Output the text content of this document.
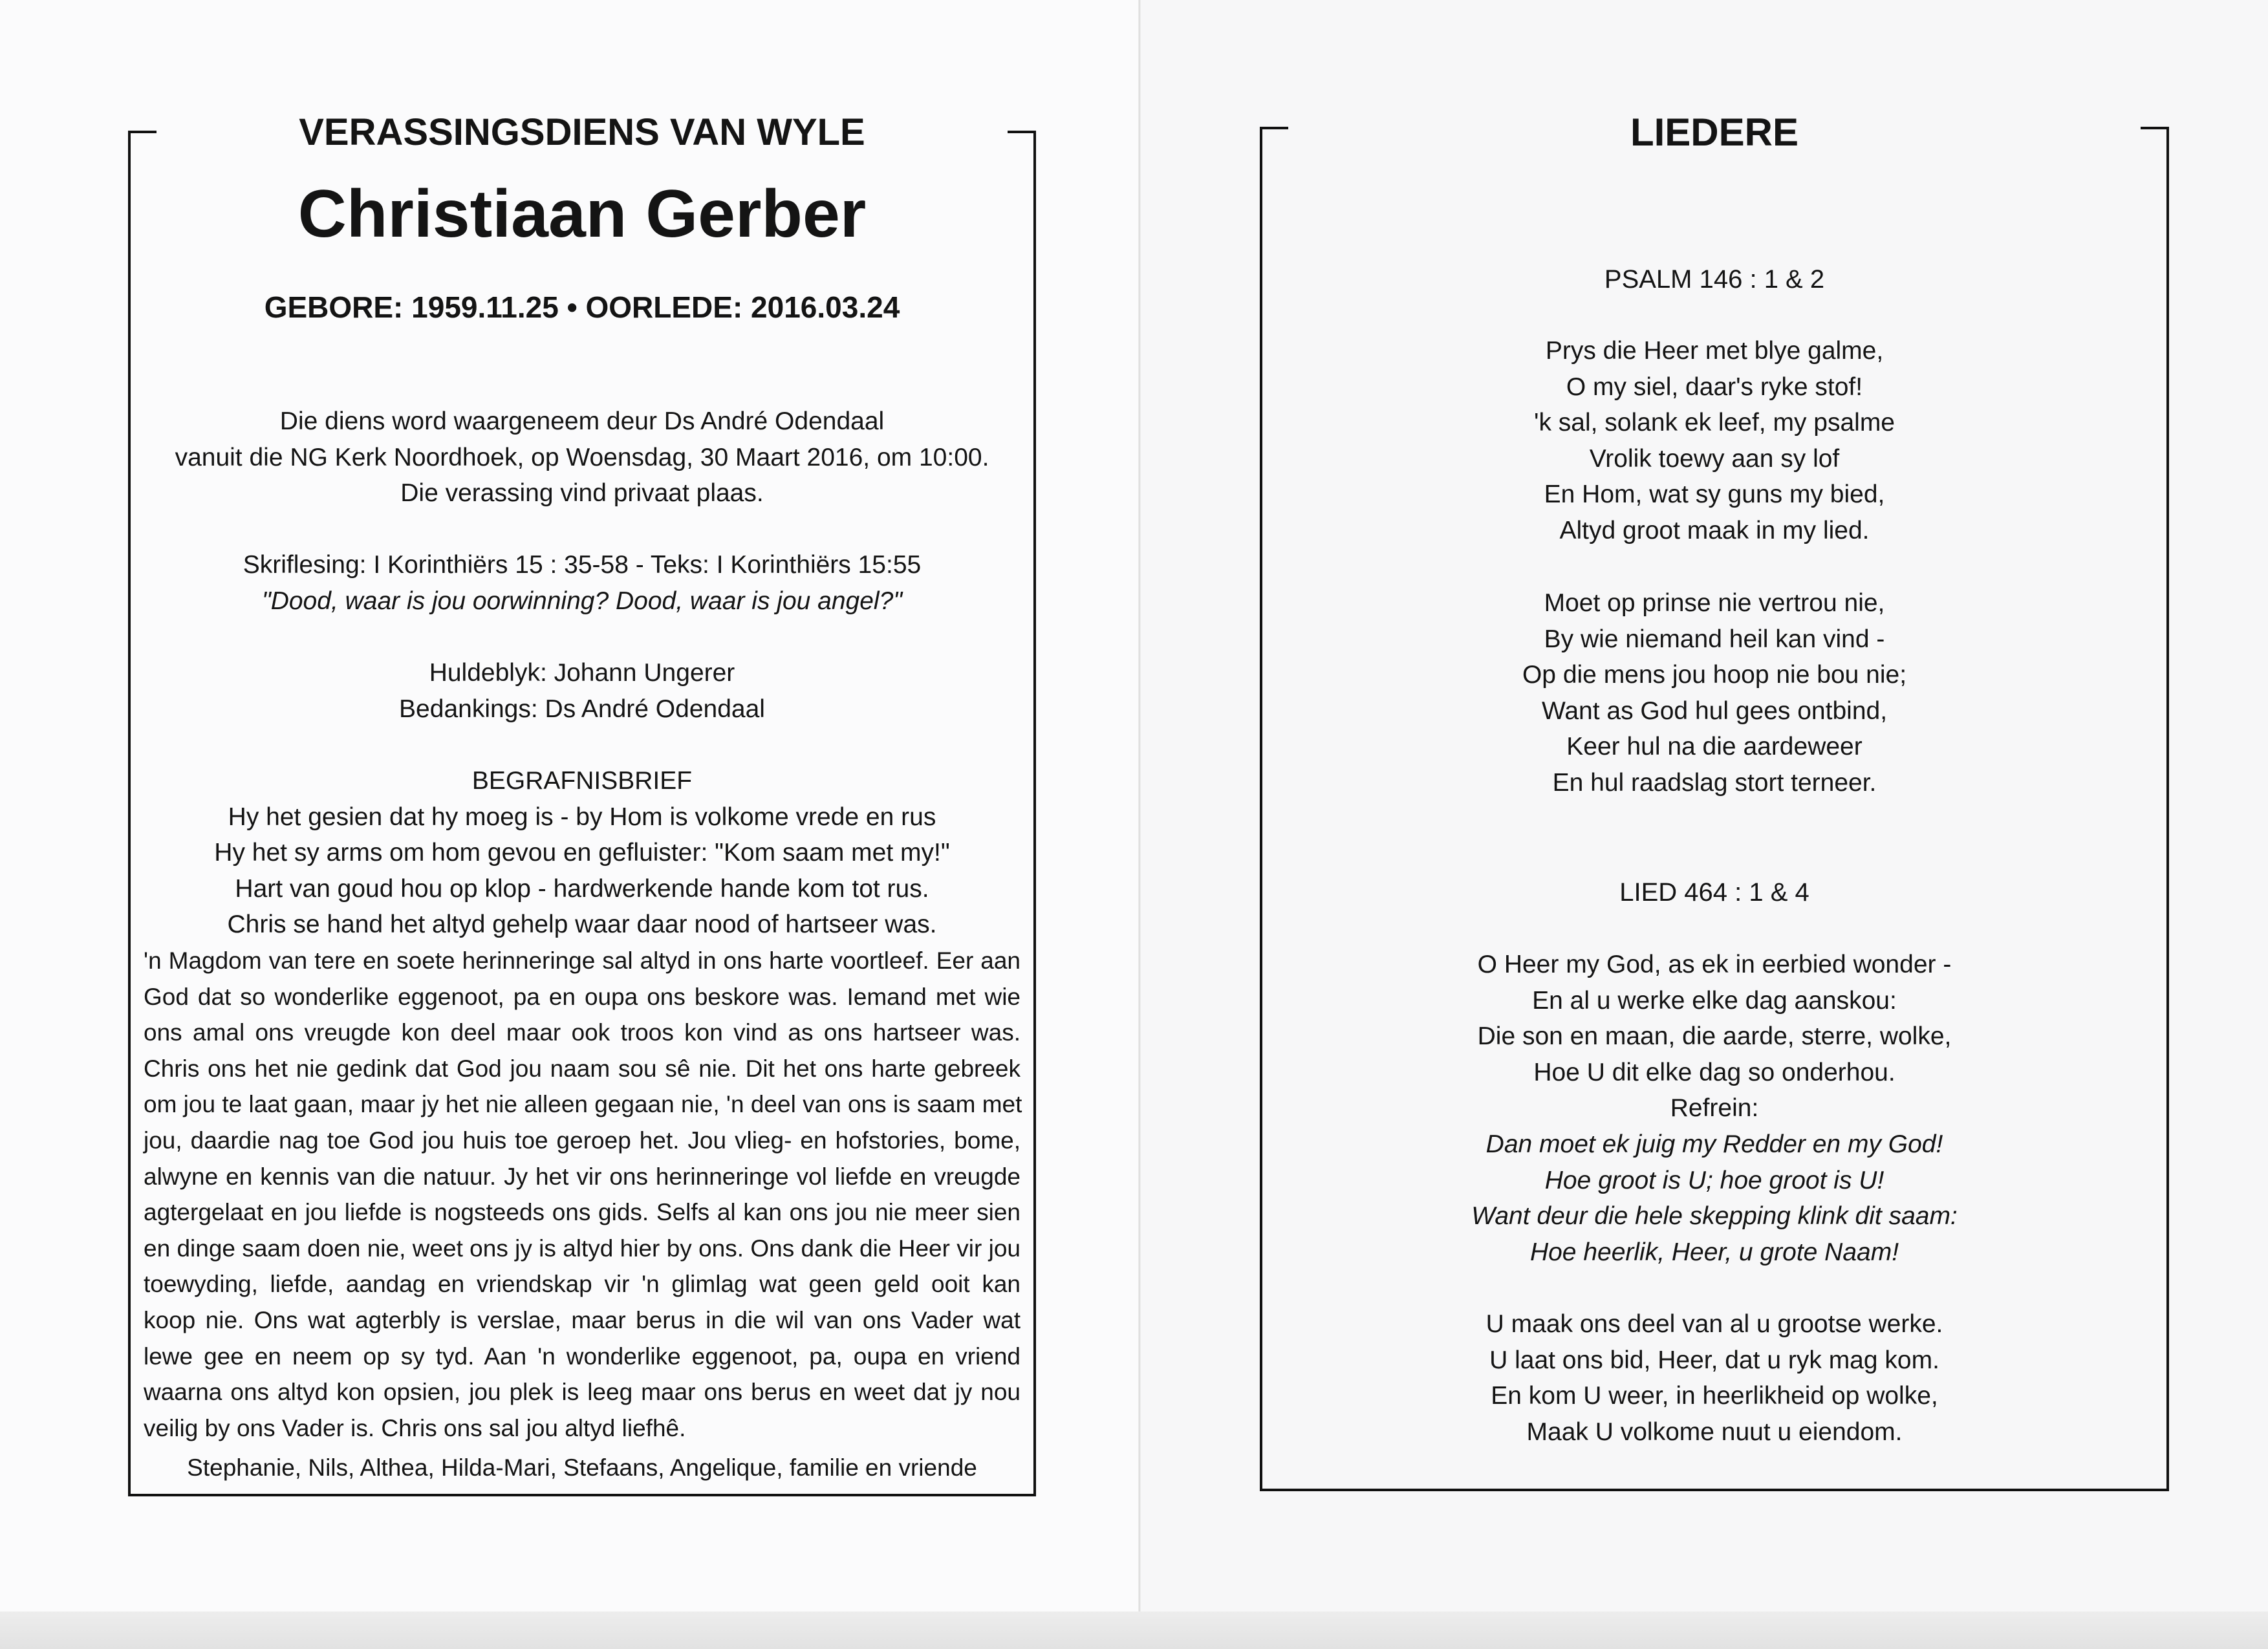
VERASSINGSDIENS VAN WYLE
Christiaan Gerber
GEBORE: 1959.11.25 • OORLEDE: 2016.03.24
Die diens word waargeneem deur Ds André Odendaal
vanuit die NG Kerk Noordhoek, op Woensdag, 30 Maart 2016, om 10:00.
Die verassing vind privaat plaas.
Skriflesing: I Korinthiërs 15 : 35-58 - Teks: I Korinthiërs 15:55
"Dood, waar is jou oorwinning? Dood, waar is jou angel?"
Huldeblyk: Johann Ungerer
Bedankings: Ds André Odendaal
BEGRAFNISBRIEF
Hy het gesien dat hy moeg is - by Hom is volkome vrede en rus
Hy het sy arms om hom gevou en gefluister: "Kom saam met my!"
Hart van goud hou op klop - hardwerkende hande kom tot rus.
Chris se hand het altyd gehelp waar daar nood of hartseer was.
'n Magdom van tere en soete herinneringe sal altyd in ons harte voortleef. Eer aan
God dat so wonderlike eggenoot, pa en oupa ons beskore was. Iemand met wie
ons amal ons vreugde kon deel maar ook troos kon vind as ons hartseer was.
Chris ons het nie gedink dat God jou naam sou sê nie. Dit het ons harte gebreek
om jou te laat gaan, maar jy het nie alleen gegaan nie, 'n deel van ons is saam met
jou, daardie nag toe God jou huis toe geroep het. Jou vlieg- en hofstories, bome,
alwyne en kennis van die natuur. Jy het vir ons herinneringe vol liefde en vreugde
agtergelaat en jou liefde is nogsteeds ons gids. Selfs al kan ons jou nie meer sien
en dinge saam doen nie, weet ons jy is altyd hier by ons. Ons dank die Heer vir jou
toewyding, liefde, aandag en vriendskap vir 'n glimlag wat geen geld ooit kan
koop nie. Ons wat agterbly is verslae, maar berus in die wil van ons Vader wat
lewe gee en neem op sy tyd. Aan 'n wonderlike eggenoot, pa, oupa en vriend
waarna ons altyd kon opsien, jou plek is leeg maar ons berus en weet dat jy nou
veilig by ons Vader is. Chris ons sal jou altyd liefhê.
Stephanie, Nils, Althea, Hilda-Mari, Stefaans, Angelique, familie en vriende
LIEDERE
PSALM 146 : 1 & 2
Prys die Heer met blye galme,
O my siel, daar's ryke stof!
'k sal, solank ek leef, my psalme
Vrolik toewy aan sy lof
En Hom, wat sy guns my bied,
Altyd groot maak in my lied.
Moet op prinse nie vertrou nie,
By wie niemand heil kan vind -
Op die mens jou hoop nie bou nie;
Want as God hul gees ontbind,
Keer hul na die aardeweer
En hul raadslag stort terneer.
LIED 464 : 1 & 4
O Heer my God, as ek in eerbied wonder -
En al u werke elke dag aanskou:
Die son en maan, die aarde, sterre, wolke,
Hoe U dit elke dag so onderhou.
Refrein:
Dan moet ek juig my Redder en my God!
Hoe groot is U; hoe groot is U!
Want deur die hele skepping klink dit saam:
Hoe heerlik, Heer, u grote Naam!
U maak ons deel van al u grootse werke.
U laat ons bid, Heer, dat u ryk mag kom.
En kom U weer, in heerlikheid op wolke,
Maak U volkome nuut u eiendom.
